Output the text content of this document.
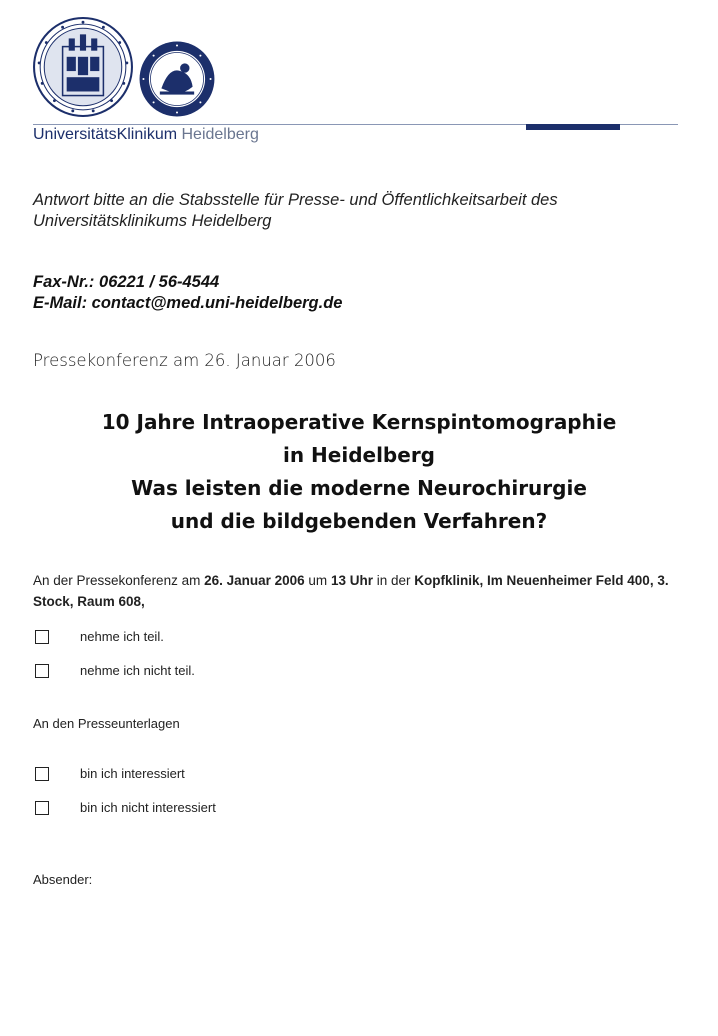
UniversitätsKlinikum Heidelberg
Antwort bitte an die Stabsstelle für Presse- und Öffentlichkeitsarbeit des
Universitätsklinikums Heidelberg
Fax-Nr.: 06221 / 56-4544
E-Mail: contact@med.uni-heidelberg.de
Pressekonferenz am 26. Januar 2006
10 Jahre Intraoperative Kernspintomographie
in Heidelberg
Was leisten die moderne Neurochirurgie
und die bildgebenden Verfahren?
An der Pressekonferenz am 26. Januar 2006 um 13 Uhr in der Kopfklinik, Im Neuenheimer Feld 400, 3. Stock, Raum 608,
nehme ich teil.
nehme ich nicht teil.
An den Presseunterlagen
bin ich interessiert
bin ich nicht interessiert
Absender:
